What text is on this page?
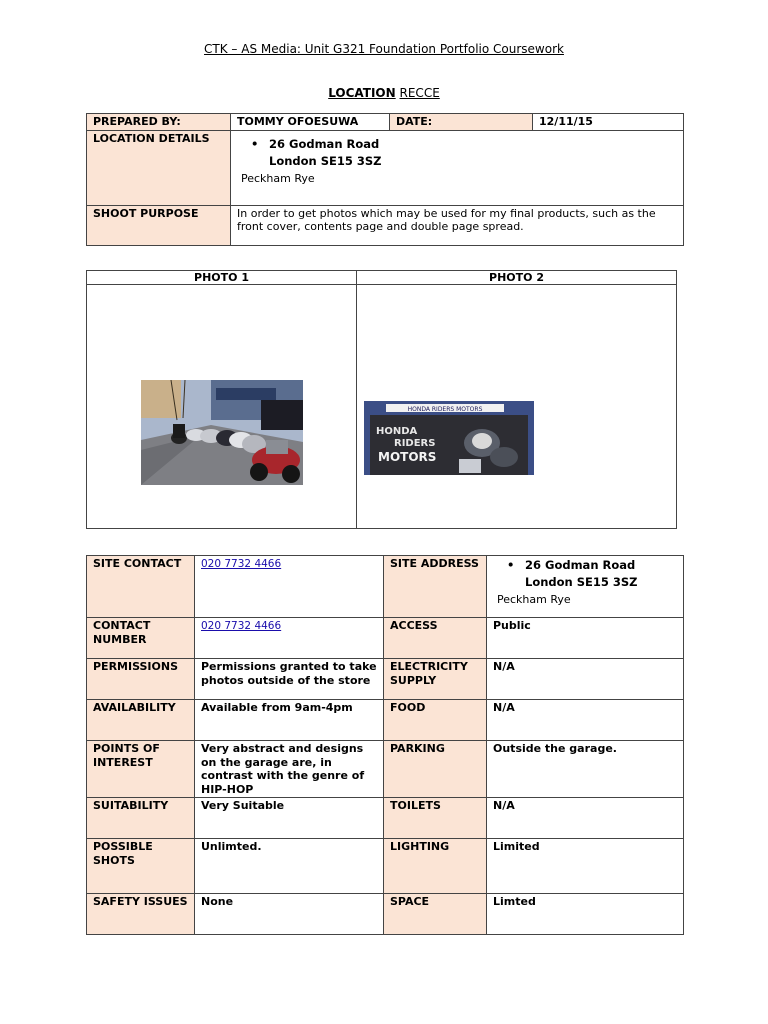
CTK – AS Media: Unit G321 Foundation Portfolio Coursework
LOCATION RECCE
PREPARED BY:	TOMMY OFOESUWA	DATE:	12/11/15
LOCATION DETAILS	• 26 Godman Road
London SE15 3SZ
Peckham Rye		

SHOOT PURPOSE	In order to get photos which may be used for my final products, such as the front cover, contents page and double page spread.		
PHOTO 1	PHOTO 2

HONDA RIDERS MOTORS
HONDA
RIDERS
MOTORS
SITE CONTACT	020 7732 4466	SITE ADDRESS	• 26 Godman Road
London SE15 3SZ
Peckham Rye

CONTACT NUMBER	020 7732 4466	ACCESS	Public
PERMISSIONS	Permissions granted to take photos outside of the store	ELECTRICITY SUPPLY	N/A
AVAILABILITY	Available from 9am-4pm	FOOD	N/A
POINTS OF INTEREST	Very abstract and designs on the garage are, in contrast with the genre of HIP-HOP	PARKING	Outside the garage.
SUITABILITY	Very Suitable	TOILETS	N/A
POSSIBLE SHOTS	Unlimted.	LIGHTING	Limited
SAFETY ISSUES	None	SPACE	Limted
